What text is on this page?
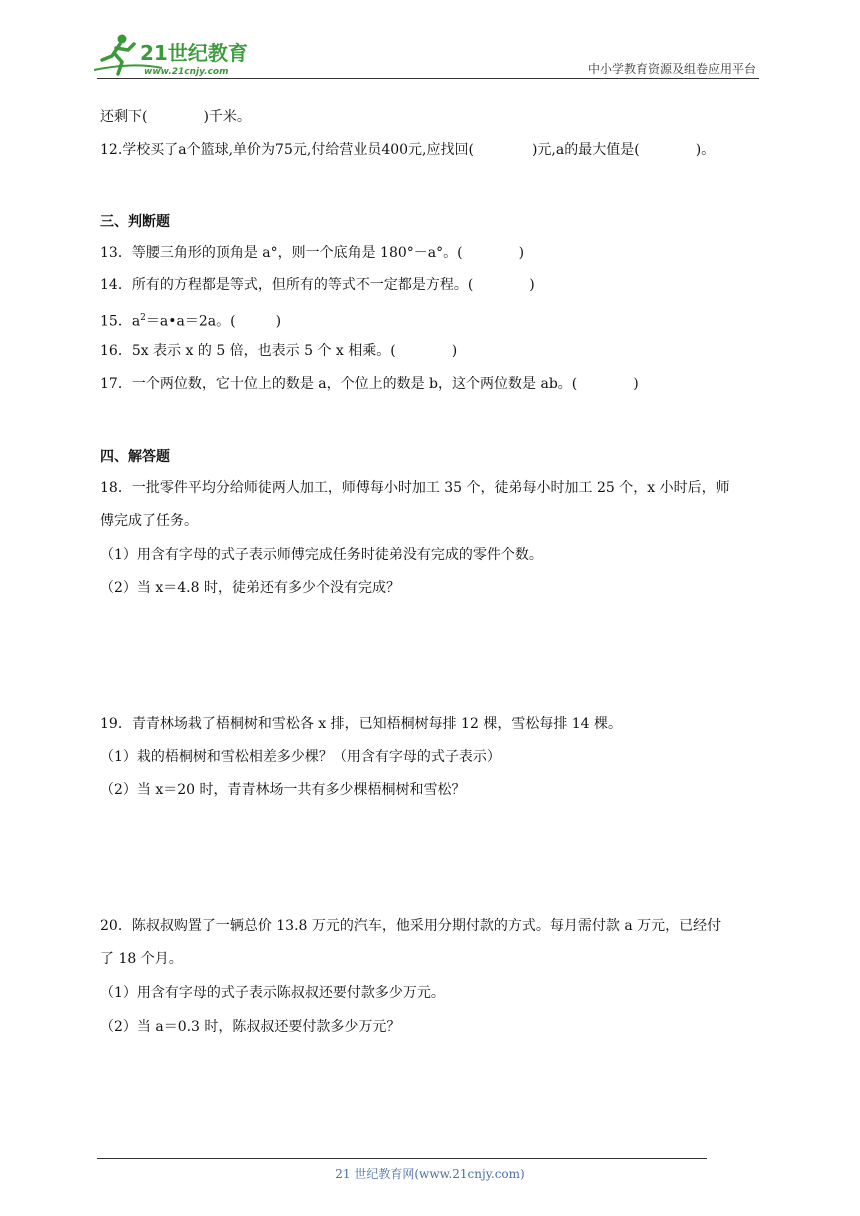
21世纪教育
www.21cnjy.com	中小学教育资源及组卷应用平台
还剩下(	)千米。
12.学校买了a个篮球,单价为75元,付给营业员400元,应找回(	)元,a的最大值是(	)。
三、判断题
13．等腰三角形的顶角是 a°，则一个底角是 180°－a°。(	)
14．所有的方程都是等式，但所有的等式不一定都是方程。(	)
15．$a^2=a•a=2a$。(	)
16．5x 表示 x 的 5 倍，也表示 5 个 x 相乘。(	)
17．一个两位数，它十位上的数是 a，个位上的数是 b，这个两位数是 ab。(	)
四、解答题
18．一批零件平均分给师徒两人加工，师傅每小时加工 35 个，徒弟每小时加工 25 个，x 小时后，师
傅完成了任务。
（1）用含有字母的式子表示师傅完成任务时徒弟没有完成的零件个数。
（2）当 x＝4.8 时，徒弟还有多少个没有完成？
19．青青林场栽了梧桐树和雪松各 x 排，已知梧桐树每排 12 棵，雪松每排 14 棵。
（1）栽的梧桐树和雪松相差多少棵？（用含有字母的式子表示）
（2）当 x＝20 时，青青林场一共有多少棵梧桐树和雪松？
20．陈叔叔购置了一辆总价 13.8 万元的汽车，他采用分期付款的方式。每月需付款 a 万元，已经付
了 18 个月。
（1）用含有字母的式子表示陈叔叔还要付款多少万元。
（2）当 a＝0.3 时，陈叔叔还要付款多少万元？
21 世纪教育网(www.21cnjy.com)
